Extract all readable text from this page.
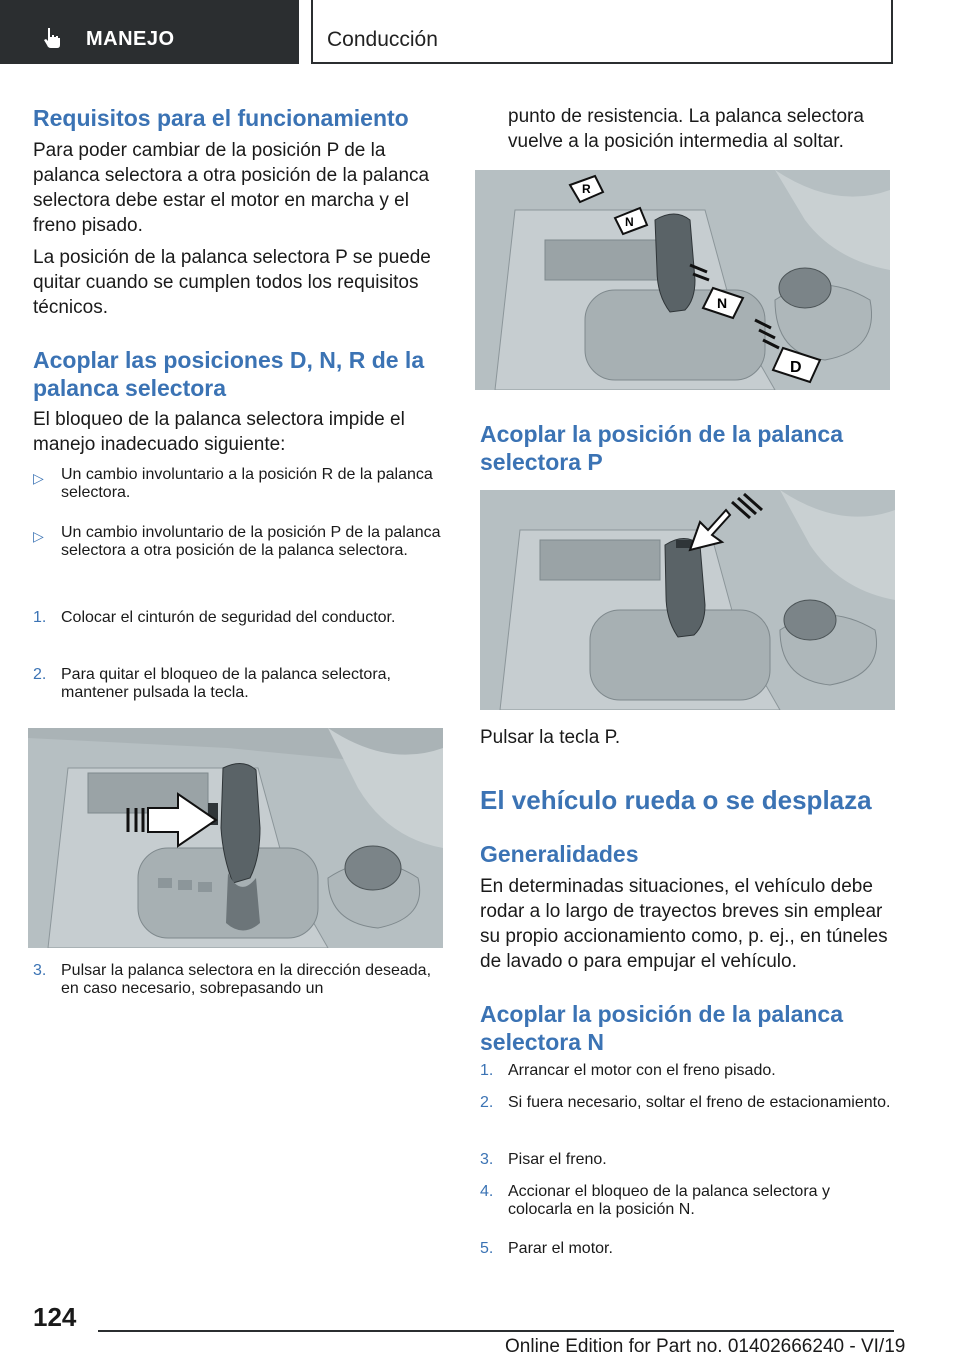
MANEJO	Conducción
Requisitos para el funcionamiento

Para poder cambiar de la posición P de la palanca selectora a otra posición de la palanca selectora debe estar el motor en marcha y el freno pisado.

La posición de la palanca selectora P se puede quitar cuando se cumplen todos los requisitos técnicos.

Acoplar las posiciones D, N, R de la palanca selectora

El bloqueo de la palanca selectora impide el manejo inadecuado siguiente:

▷	Un cambio involuntario a la posición R de la palanca selectora.
▷	Un cambio involuntario de la posición P de la palanca selectora a otra posición de la palanca selectora.
1. Colocar el cinturón de seguridad del conductor.
2. Para quitar el bloqueo de la palanca selectora, mantener pulsada la tecla.
3. Pulsar la palanca selectora en la dirección deseada, en caso necesario, sobrepasando un

punto de resistencia. La palanca selectora vuelve a la posición intermedia al soltar.

R
N
N
D
Acoplar la posición de la palanca selectora P

Pulsar la tecla P.

El vehículo rueda o se desplaza
Generalidades

En determinadas situaciones, el vehículo debe rodar a lo largo de trayectos breves sin emplear su propio accionamiento como, p. ej., en túneles de lavado o para empujar el vehículo.

Acoplar la posición de la palanca selectora N
1. Arrancar el motor con el freno pisado.
2. Si fuera necesario, soltar el freno de estacionamiento.
3. Pisar el freno.
4. Accionar el bloqueo de la palanca selectora y colocarla en la posición N.
5. Parar el motor.
124
Online Edition for Part no. 01402666240 - VI/19
